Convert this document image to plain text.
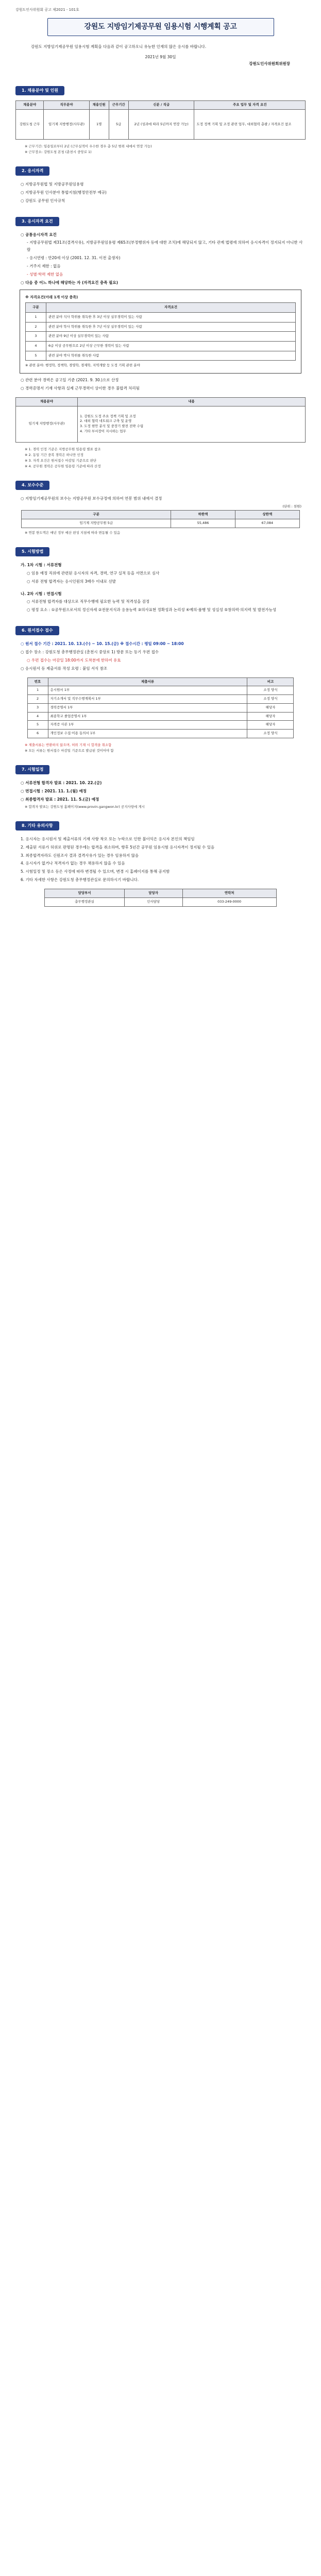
강원도인사위원회 공고 제2021 - 101호
강원도 지방임기제공무원 임용시험 시행계획 공고

강원도 지방임기제공무원 임용시험 계획을 다음과 같이 공고하오니 유능한 인재의 많은 응시를 바랍니다.

2021년 9월 30일
강원도인사위원회위원장
1. 채용분야 및 인원
채용분야	직무분야	채용인원	근무기간	신분 / 직급	주요 업무 및 자격 요건
강원도청 근무	임기제 지방행정(사무관)	1명	5급	2년 (성과에 따라 5년까지 연장 가능)	도정 정책 기획 및 조정 관련 업무, 대외협력 총괄 / 자격요건 참조
※ 근무기간: 임용일로부터 2년 (근무실적이 우수한 경우 총 5년 범위 내에서 연장 가능)
※ 근무장소: 강원도청 본청 (춘천시 중앙로 1)
2. 응시자격
○ 지방공무원법 및 지방공무원임용령
○ 지방공무원 인사분야 통합지침(행정안전부 예규)
○ 강원도 공무원 인사규칙
3. 응시자격 요건
○ 공통응시자격 요건
- 지방공무원법 제31조(결격사유), 지방공무원임용령 제65조(부정행위자 등에 대한 조치)에 해당되지 않고, 기타 관계 법령에 의하여 응시자격이 정지되지 아니한 사람
- 응시연령 : 만20세 이상 (2001. 12. 31. 이전 출생자)
- 거주지 제한 : 없음
- 성별·학력 제한 없음
○ 다음 중 어느 하나에 해당하는 자 (자격요건 충족 필요)
※ 자격요건(아래 1개 이상 충족)
구분	자격요건
1	관련 분야 석사 학위를 취득한 후 3년 이상 실무경력이 있는 사람
2	관련 분야 학사 학위를 취득한 후 7년 이상 실무경력이 있는 사람
3	관련 분야 9년 이상 실무경력이 있는 사람
4	6급 이상 공무원으로 2년 이상 근무한 경력이 있는 사람
5	관련 분야 박사 학위를 취득한 사람
※ 관련 분야: 행정학, 정책학, 경영학, 경제학, 지역개발 등 도정 기획 관련 분야
○ 관련 분야 경력은 공고일 기준 (2021. 9. 30.)으로 산정
○ 경력증명서 기재 사항과 실제 근무경력이 상이한 경우 불합격 처리됨
채용분야	내용
임기제 지방행정(사무관)	1. 강원도 도정 주요 정책 기획 및 조정
2. 대외 협력 네트워크 구축 및 운영
3. 도정 현안 분석 및 중장기 발전 전략 수립
4. 기타 부서장이 지시하는 업무
※ 1. 경력 인정 기준은 지방공무원 임용령 별표 참조
※ 2. 동일 기간 중복 경력은 하나만 인정
※ 3. 자격 요건은 원서접수 마감일 기준으로 판단
※ 4. 공무원 경력은 공무원 임용령 기준에 따라 산정
4. 보수수준
○ 지방임기제공무원의 보수는 지방공무원 보수규정에 의하여 연봉 범위 내에서 결정
(단위 : 천원)
구분	하한액	상한액
임기제 지방공무원 5급	55,486	67,084
※ 연봉 한도액은 매년 정부 예산 편성 지침에 따라 변동될 수 있음
5. 시험방법
가. 1차 시험 : 서류전형
○ 임용 예정 직위에 관련된 응시자의 자격, 경력, 연구 실적 등을 서면으로 심사
○ 서류 전형 합격자는 응시인원의 3배수 이내로 선발
나. 2차 시험 : 면접시험
○ 서류전형 합격자를 대상으로 직무수행에 필요한 능력 및 적격성을 검정
○ 평정 요소 : ①공무원으로서의 정신자세 ②전문지식과 응용능력 ③의사표현 정확성과 논리성 ④예의·품행 및 성실성 ⑤창의력·의지력 및 발전가능성
6. 원서접수 접수
○ 원서 접수 기간 : 2021. 10. 13.(수) ~ 10. 15.(금) ※ 접수시간 : 평일 09:00 ~ 18:00
○ 접수 장소 : 강원도청 총무행정관실 (춘천시 중앙로 1) 방문 또는 등기 우편 접수
○ 우편 접수는 마감일 18:00까지 도착분에 한하여 유효
○ 응시원서 등 제출서류 작성 요령 : 붙임 서식 참조
번호	제출서류	비고
1	응시원서 1부	소정 양식
2	자기소개서 및 직무수행계획서 1부	소정 양식
3	경력증명서 1부	해당자
4	최종학교 졸업증명서 1부	해당자
5	자격증 사본 1부	해당자
6	개인정보 수집·이용 동의서 1부	소정 양식
※ 제출서류는 반환하지 않으며, 허위 기재 시 합격을 취소함
※ 모든 서류는 원서접수 마감일 기준으로 발급된 것이어야 함
7. 시험일정
○ 서류전형 합격자 발표 : 2021. 10. 22.(금)
○ 면접시험 : 2021. 11. 1.(월) 예정
○ 최종합격자 발표 : 2021. 11. 5.(금) 예정
※ 합격자 발표는 강원도청 홈페이지(www.provin.gangwon.kr) 공지사항에 게시
8. 기타 유의사항
1. 응시자는 응시원서 및 제출서류의 기재 사항 착오 또는 누락으로 인한 불이익은 응시자 본인의 책임임
2. 제출된 서류가 허위로 판명된 경우에는 합격을 취소하며, 향후 5년간 공무원 임용시험 응시자격이 정지될 수 있음
3. 최종합격자라도 신원조사 결과 결격사유가 있는 경우 임용하지 않음
4. 응시자가 없거나 적격자가 없는 경우 채용하지 않을 수 있음
5. 시험일정 및 장소 등은 사정에 따라 변경될 수 있으며, 변경 시 홈페이지를 통해 공지함
6. 기타 자세한 사항은 강원도청 총무행정관실로 문의하시기 바랍니다.
담당부서	담당자	연락처
총무행정관실	인사담당	033-249-0000
